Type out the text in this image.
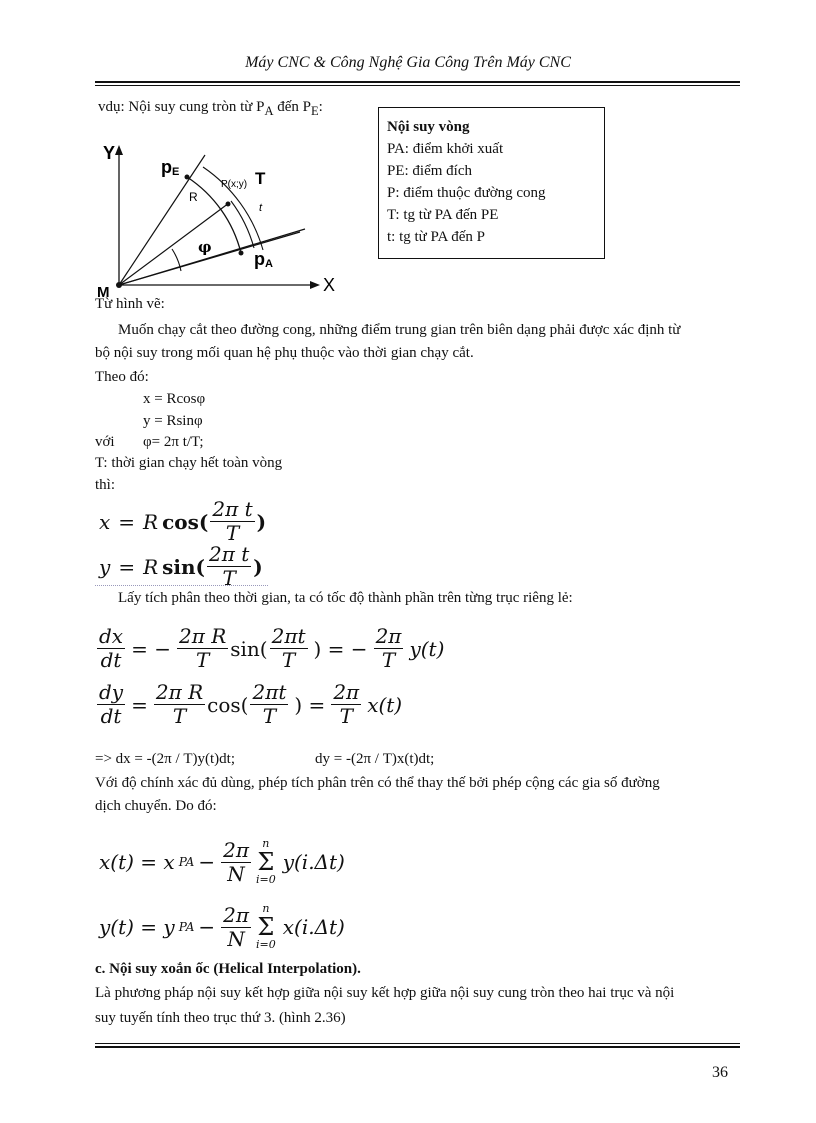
Máy CNC & Công Nghệ Gia Công Trên Máy CNC
vdụ: Nội suy cung tròn từ $P_A$ đến $P_E$:
Y
X
M
pE
pA
P(x;y) T
R
t
φ
Nội suy vòng
PA: điểm khởi xuất
PE: điểm đích
P: điểm thuộc đường cong
T: tg từ PA đến PE
t: tg từ PA đến P
Từ hình vẽ:
Muốn chạy cắt theo đường cong, những điểm trung gian trên biên dạng phải được xác định từ
bộ nội suy trong mối quan hệ phụ thuộc vào thời gian chạy cắt.
Theo đó:
x = Rcosφ
y = Rsinφ
với φ= 2π t/T;
T: thời gian chạy hết toàn vòng
thì:
x = R $\cos( \frac{\text{2π t}}{T}$ )
y = R $\sin( \frac{\text{2π t}}{T}$ )
Lấy tích phân theo thời gian, ta có tốc độ thành phần trên từng trục riêng lẻ:
$\frac{dx}{dt}$ = − $\frac{\text{2π R}}{T} \sin( \frac{2\pi t}{T}$ ) = − $\frac{2\pi}{T} y(t)$
$\frac{dy}{dt} = \frac{\text{2π R}}{T} \cos( \frac{2\pi t}{T}$ ) = $\frac{2\pi}{T} x(t)$
=> dx = -(2π / T)y(t)dt;	dy = -(2π / T)x(t)dt;
Với độ chính xác đủ dùng, phép tích phân trên có thể thay thế bởi phép cộng các gia số đường
dịch chuyển. Do đó:
x(t) = x PA − $\frac{2\pi}{N}$	n
Σ
i=0
y(i.Δt)
y(t) = y PA − $\frac{2\pi}{N}$	n
Σ
i=0
x(i.Δt)
c. Nội suy xoắn ốc (Helical Interpolation).
Là phương pháp nội suy kết hợp giữa nội suy kết hợp giữa nội suy cung tròn theo hai trục và nội
suy tuyến tính theo trục thứ 3. (hình 2.36)
36
